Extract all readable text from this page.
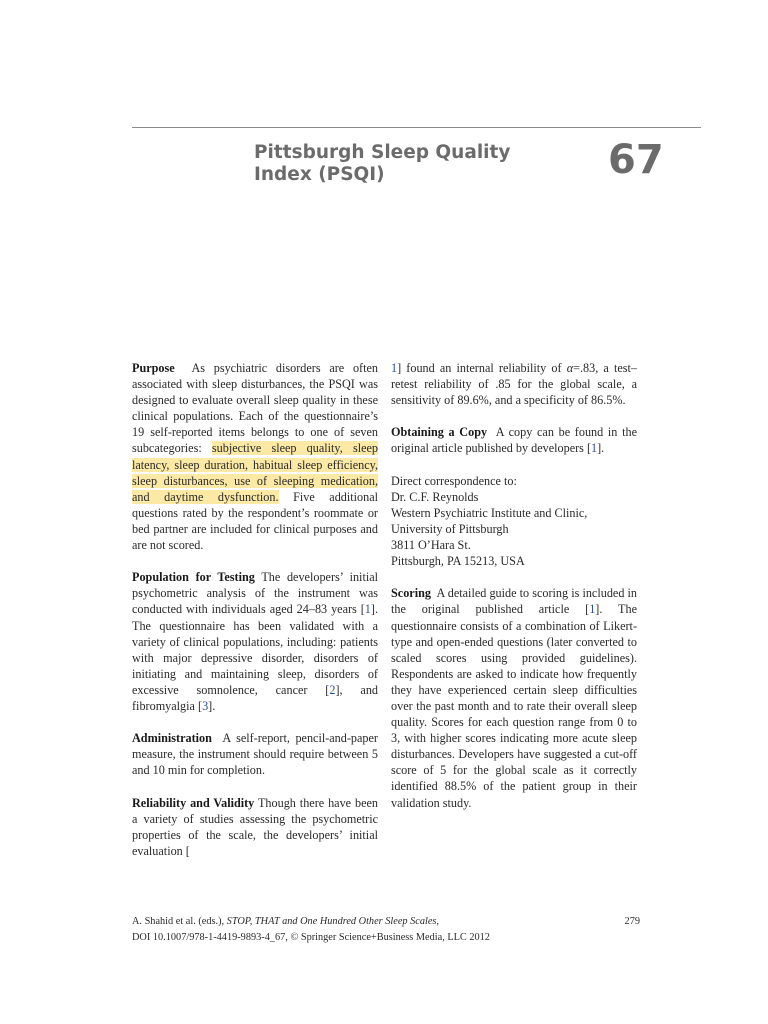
Pittsburgh Sleep Quality
Index (PSQI)	67

Purpose As psychiatric disorders are often associated with sleep disturbances, the PSQI was designed to evaluate overall sleep quality in these clinical populations. Each of the questionnaire’s 19 self-reported items belongs to one of seven subcategories: subjective sleep quality, sleep latency, sleep duration, habitual sleep efficiency, sleep disturbances, use of sleeping medication, and daytime dysfunction. Five additional questions rated by the respondent’s roommate or bed partner are included for clinical purposes and are not scored.

Population for Testing The developers’ initial psychometric analysis of the instrument was conducted with individuals aged 24–83 years [1]. The questionnaire has been validated with a variety of clinical populations, including: patients with major depressive disorder, disorders of initiating and maintaining sleep, disorders of excessive somnolence, cancer [2], and fibromyalgia [3].

Administration A self-report, pencil-and-paper measure, the instrument should require between 5 and 10 min for completion.

Reliability and Validity Though there have been a variety of studies assessing the psychometric properties of the scale, the developers’ initial evaluation [

1] found an internal reliability of α=.83, a test–retest reliability of .85 for the global scale, a sensitivity of 89.6%, and a specificity of 86.5%.

Obtaining a Copy A copy can be found in the original article published by developers [1].

Direct correspondence to:
Dr. C.F. Reynolds
Western Psychiatric Institute and Clinic, University of Pittsburgh
3811 O’Hara St.
Pittsburgh, PA 15213, USA

Scoring A detailed guide to scoring is included in the original published article [1]. The questionnaire consists of a combination of Likert-type and open-ended questions (later converted to scaled scores using provided guidelines). Respondents are asked to indicate how frequently they have experienced certain sleep difficulties over the past month and to rate their overall sleep quality. Scores for each question range from 0 to 3, with higher scores indicating more acute sleep disturbances. Developers have suggested a cut-off score of 5 for the global scale as it correctly identified 88.5% of the patient group in their validation study.

A. Shahid et al. (eds.), STOP, THAT and One Hundred Other Sleep Scales,
DOI 10.1007/978-1-4419-9893-4_67, © Springer Science+Business Media, LLC 2012
279
